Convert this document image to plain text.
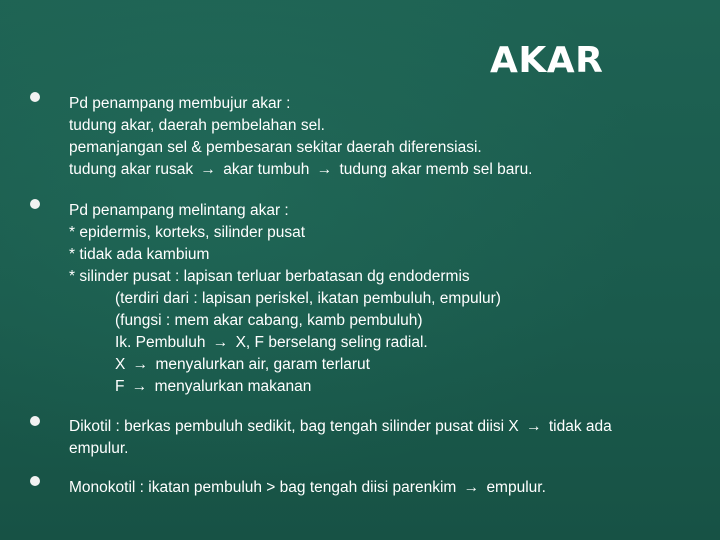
AKAR
Pd penampang membujur akar :
tudung akar, daerah pembelahan sel.
pemanjangan sel & pembesaran sekitar daerah diferensiasi.
tudung akar rusak → akar tumbuh → tudung akar memb sel baru.
Pd penampang melintang akar :
* epidermis, korteks, silinder pusat
* tidak ada kambium
* silinder pusat : lapisan terluar berbatasan dg endodermis
(terdiri dari : lapisan periskel, ikatan pembuluh, empulur)
(fungsi : mem akar cabang, kamb pembuluh)
Ik. Pembuluh → X, F berselang seling radial.
X → menyalurkan air, garam terlarut
F → menyalurkan makanan
Dikotil : berkas pembuluh sedikit, bag tengah silinder pusat diisi X → tidak ada empulur.
Monokotil : ikatan pembuluh > bag tengah diisi parenkim → empulur.
